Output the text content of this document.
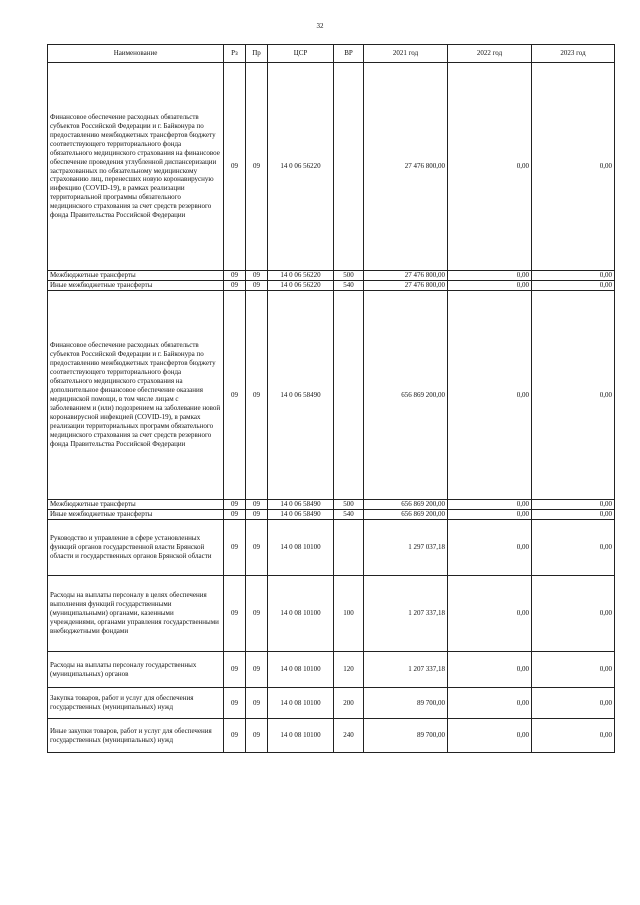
32
Наименование	Рз	Пр	ЦСР	ВР	2021 год	2022 год	2023 год
Финансовое обеспечение расходных обязательств субъектов Российской Федерации и г. Байконура по предоставлению межбюджетных трансфертов бюджету соответствующего территориального фонда обязательного медицинского страхования на финансовое обеспечение проведения углубленной диспансеризации застрахованных по обязательному медицинскому страхованию лиц, перенесших новую коронавирусную инфекцию (COVID-19), в рамках реализации территориальной программы обязательного медицинского страхования за счет средств резервного фонда Правительства Российской Федерации	09	09	14 0 06 56220		27 476 800,00	0,00	0,00
Межбюджетные трансферты	09	09	14 0 06 56220	500	27 476 800,00	0,00	0,00
Иные межбюджетные трансферты	09	09	14 0 06 56220	540	27 476 800,00	0,00	0,00
Финансовое обеспечение расходных обязательств субъектов Российской Федерации и г. Байконура по предоставлению межбюджетных трансфертов бюджету соответствующего территориального фонда обязательного медицинского страхования на дополнительное финансовое обеспечение оказания медицинской помощи, в том числе лицам с заболеванием и (или) подозрением на заболевание новой коронавирусной инфекцией (COVID-19), в рамках реализации территориальных программ обязательного медицинского страхования за счет средств резервного фонда Правительства Российской Федерации	09	09	14 0 06 58490		656 869 200,00	0,00	0,00
Межбюджетные трансферты	09	09	14 0 06 58490	500	656 869 200,00	0,00	0,00
Иные межбюджетные трансферты	09	09	14 0 06 58490	540	656 869 200,00	0,00	0,00
Руководство и управление в сфере установленных функций органов государственной власти Брянской области и государственных органов Брянской области	09	09	14 0 08 10100		1 297 037,18	0,00	0,00
Расходы на выплаты персоналу в целях обеспечения выполнения функций государственными (муниципальными) органами, казенными учреждениями, органами управления государственными внебюджетными фондами	09	09	14 0 08 10100	100	1 207 337,18	0,00	0,00
Расходы на выплаты персоналу государственных (муниципальных) органов	09	09	14 0 08 10100	120	1 207 337,18	0,00	0,00
Закупка товаров, работ и услуг для обеспечения государственных (муниципальных) нужд	09	09	14 0 08 10100	200	89 700,00	0,00	0,00
Иные закупки товаров, работ и услуг для обеспечения государственных (муниципальных) нужд	09	09	14 0 08 10100	240	89 700,00	0,00	0,00
